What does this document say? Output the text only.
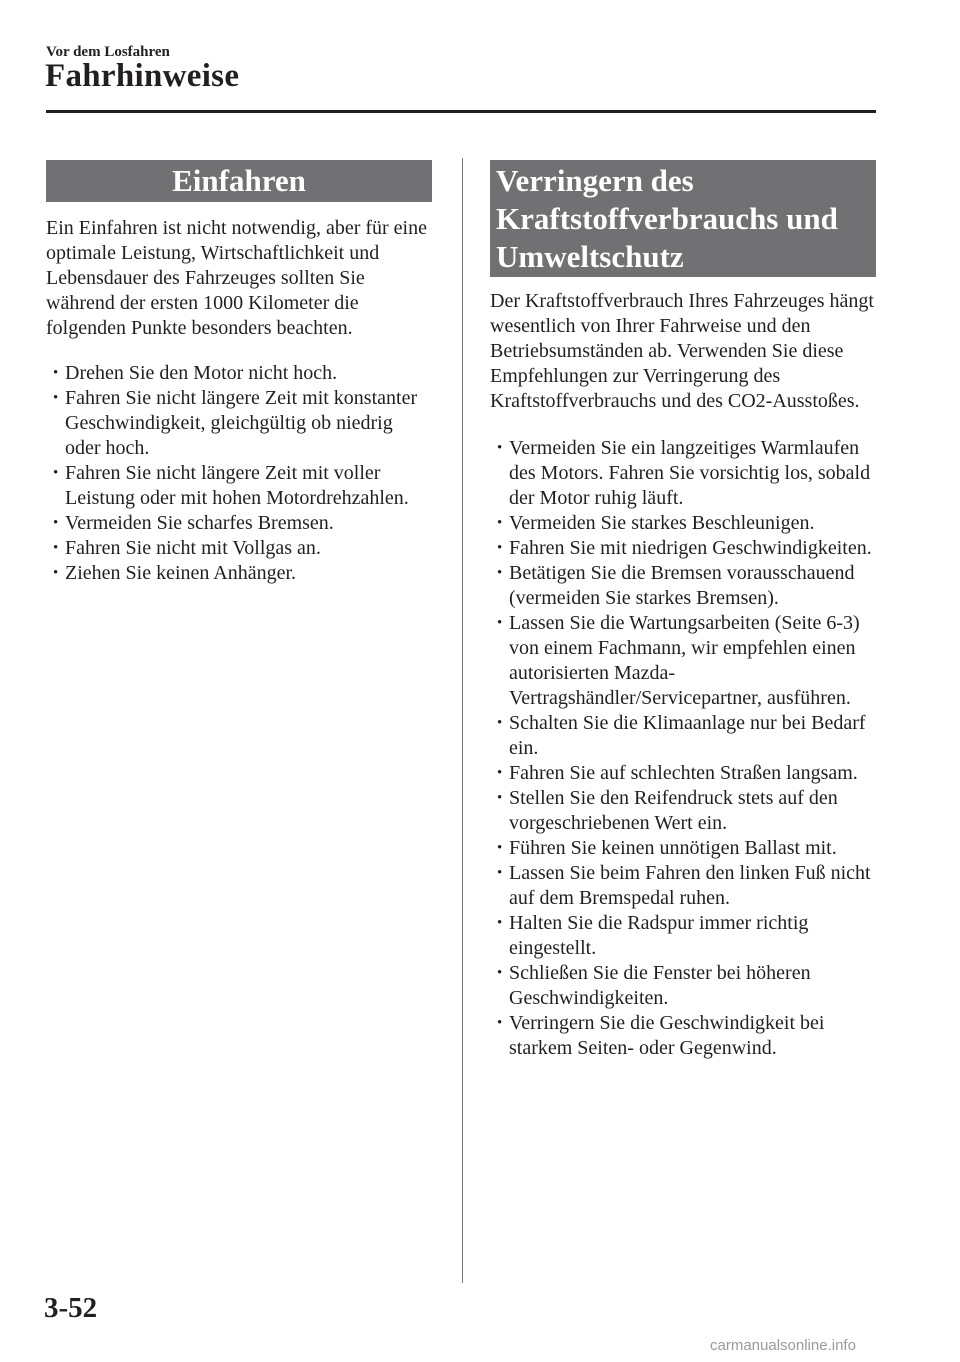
Vor dem Losfahren
Fahrhinweise
Einfahren

Ein Einfahren ist nicht notwendig, aber für eine optimale Leistung, Wirtschaftlichkeit und Lebensdauer des Fahrzeuges sollten Sie während der ersten 1000 Kilometer die folgenden Punkte besonders beachten.

• Drehen Sie den Motor nicht hoch.
• Fahren Sie nicht längere Zeit mit konstanter Geschwindigkeit, gleichgültig ob niedrig oder hoch.
• Fahren Sie nicht längere Zeit mit voller Leistung oder mit hohen Motordrehzahlen.
• Vermeiden Sie scharfes Bremsen.
• Fahren Sie nicht mit Vollgas an.
• Ziehen Sie keinen Anhänger.
Verringern des Kraftstoffverbrauchs und Umweltschutz

Der Kraftstoffverbrauch Ihres Fahrzeuges hängt wesentlich von Ihrer Fahrweise und den Betriebsumständen ab. Verwenden Sie diese Empfehlungen zur Verringerung des Kraftstoffverbrauchs und des CO2-Ausstoßes.

• Vermeiden Sie ein langzeitiges Warmlaufen des Motors. Fahren Sie vorsichtig los, sobald der Motor ruhig läuft.
• Vermeiden Sie starkes Beschleunigen.
• Fahren Sie mit niedrigen Geschwindigkeiten.
• Betätigen Sie die Bremsen vorausschauend (vermeiden Sie starkes Bremsen).
• Lassen Sie die Wartungsarbeiten (Seite 6-3) von einem Fachmann, wir empfehlen einen autorisierten Mazda-Vertragshändler/Servicepartner, ausführen.
• Schalten Sie die Klimaanlage nur bei Bedarf ein.
• Fahren Sie auf schlechten Straßen langsam.
• Stellen Sie den Reifendruck stets auf den vorgeschriebenen Wert ein.
• Führen Sie keinen unnötigen Ballast mit.
• Lassen Sie beim Fahren den linken Fuß nicht auf dem Bremspedal ruhen.
• Halten Sie die Radspur immer richtig eingestellt.
• Schließen Sie die Fenster bei höheren Geschwindigkeiten.
• Verringern Sie die Geschwindigkeit bei starkem Seiten- oder Gegenwind.
3-52
carmanualsonline.info
